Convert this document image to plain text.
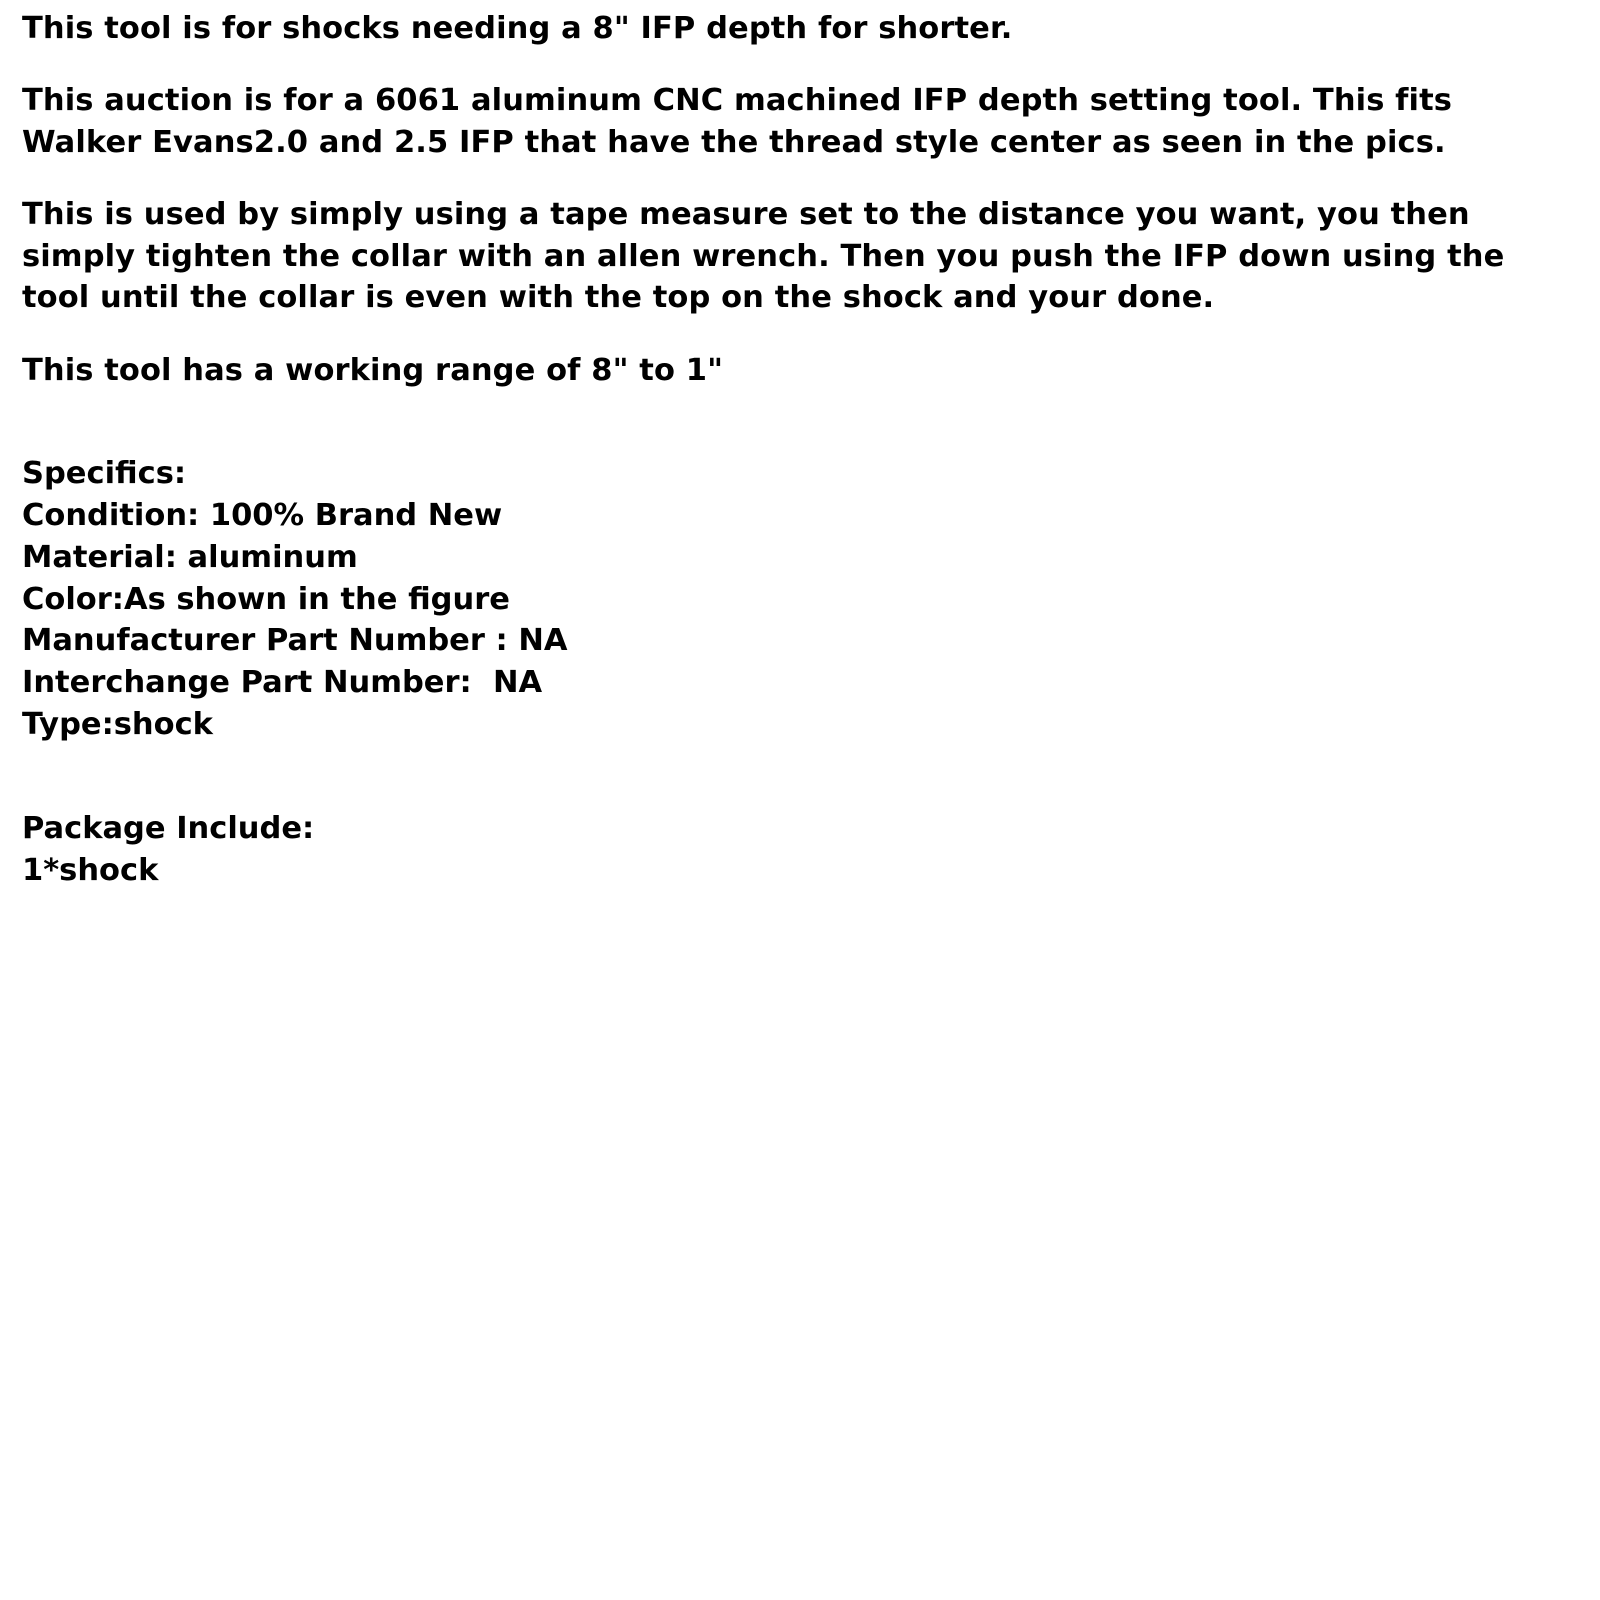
This tool is for shocks needing a 8" IFP depth for shorter.

This auction is for a 6061 aluminum CNC machined IFP depth setting tool. This fits Walker Evans2.0 and 2.5 IFP that have the thread style center as seen in the pics.

This is used by simply using a tape measure set to the distance you want, you then simply tighten the collar with an allen wrench. Then you push the IFP down using the tool until the collar is even with the top on the shock and your done.

This tool has a working range of 8" to 1"

Specifics:

Condition: 100% Brand New

Material: aluminum

Color:As shown in the figure

Manufacturer Part Number : NA

Interchange Part Number:  NA

Type:shock

Package Include:

1*shock
